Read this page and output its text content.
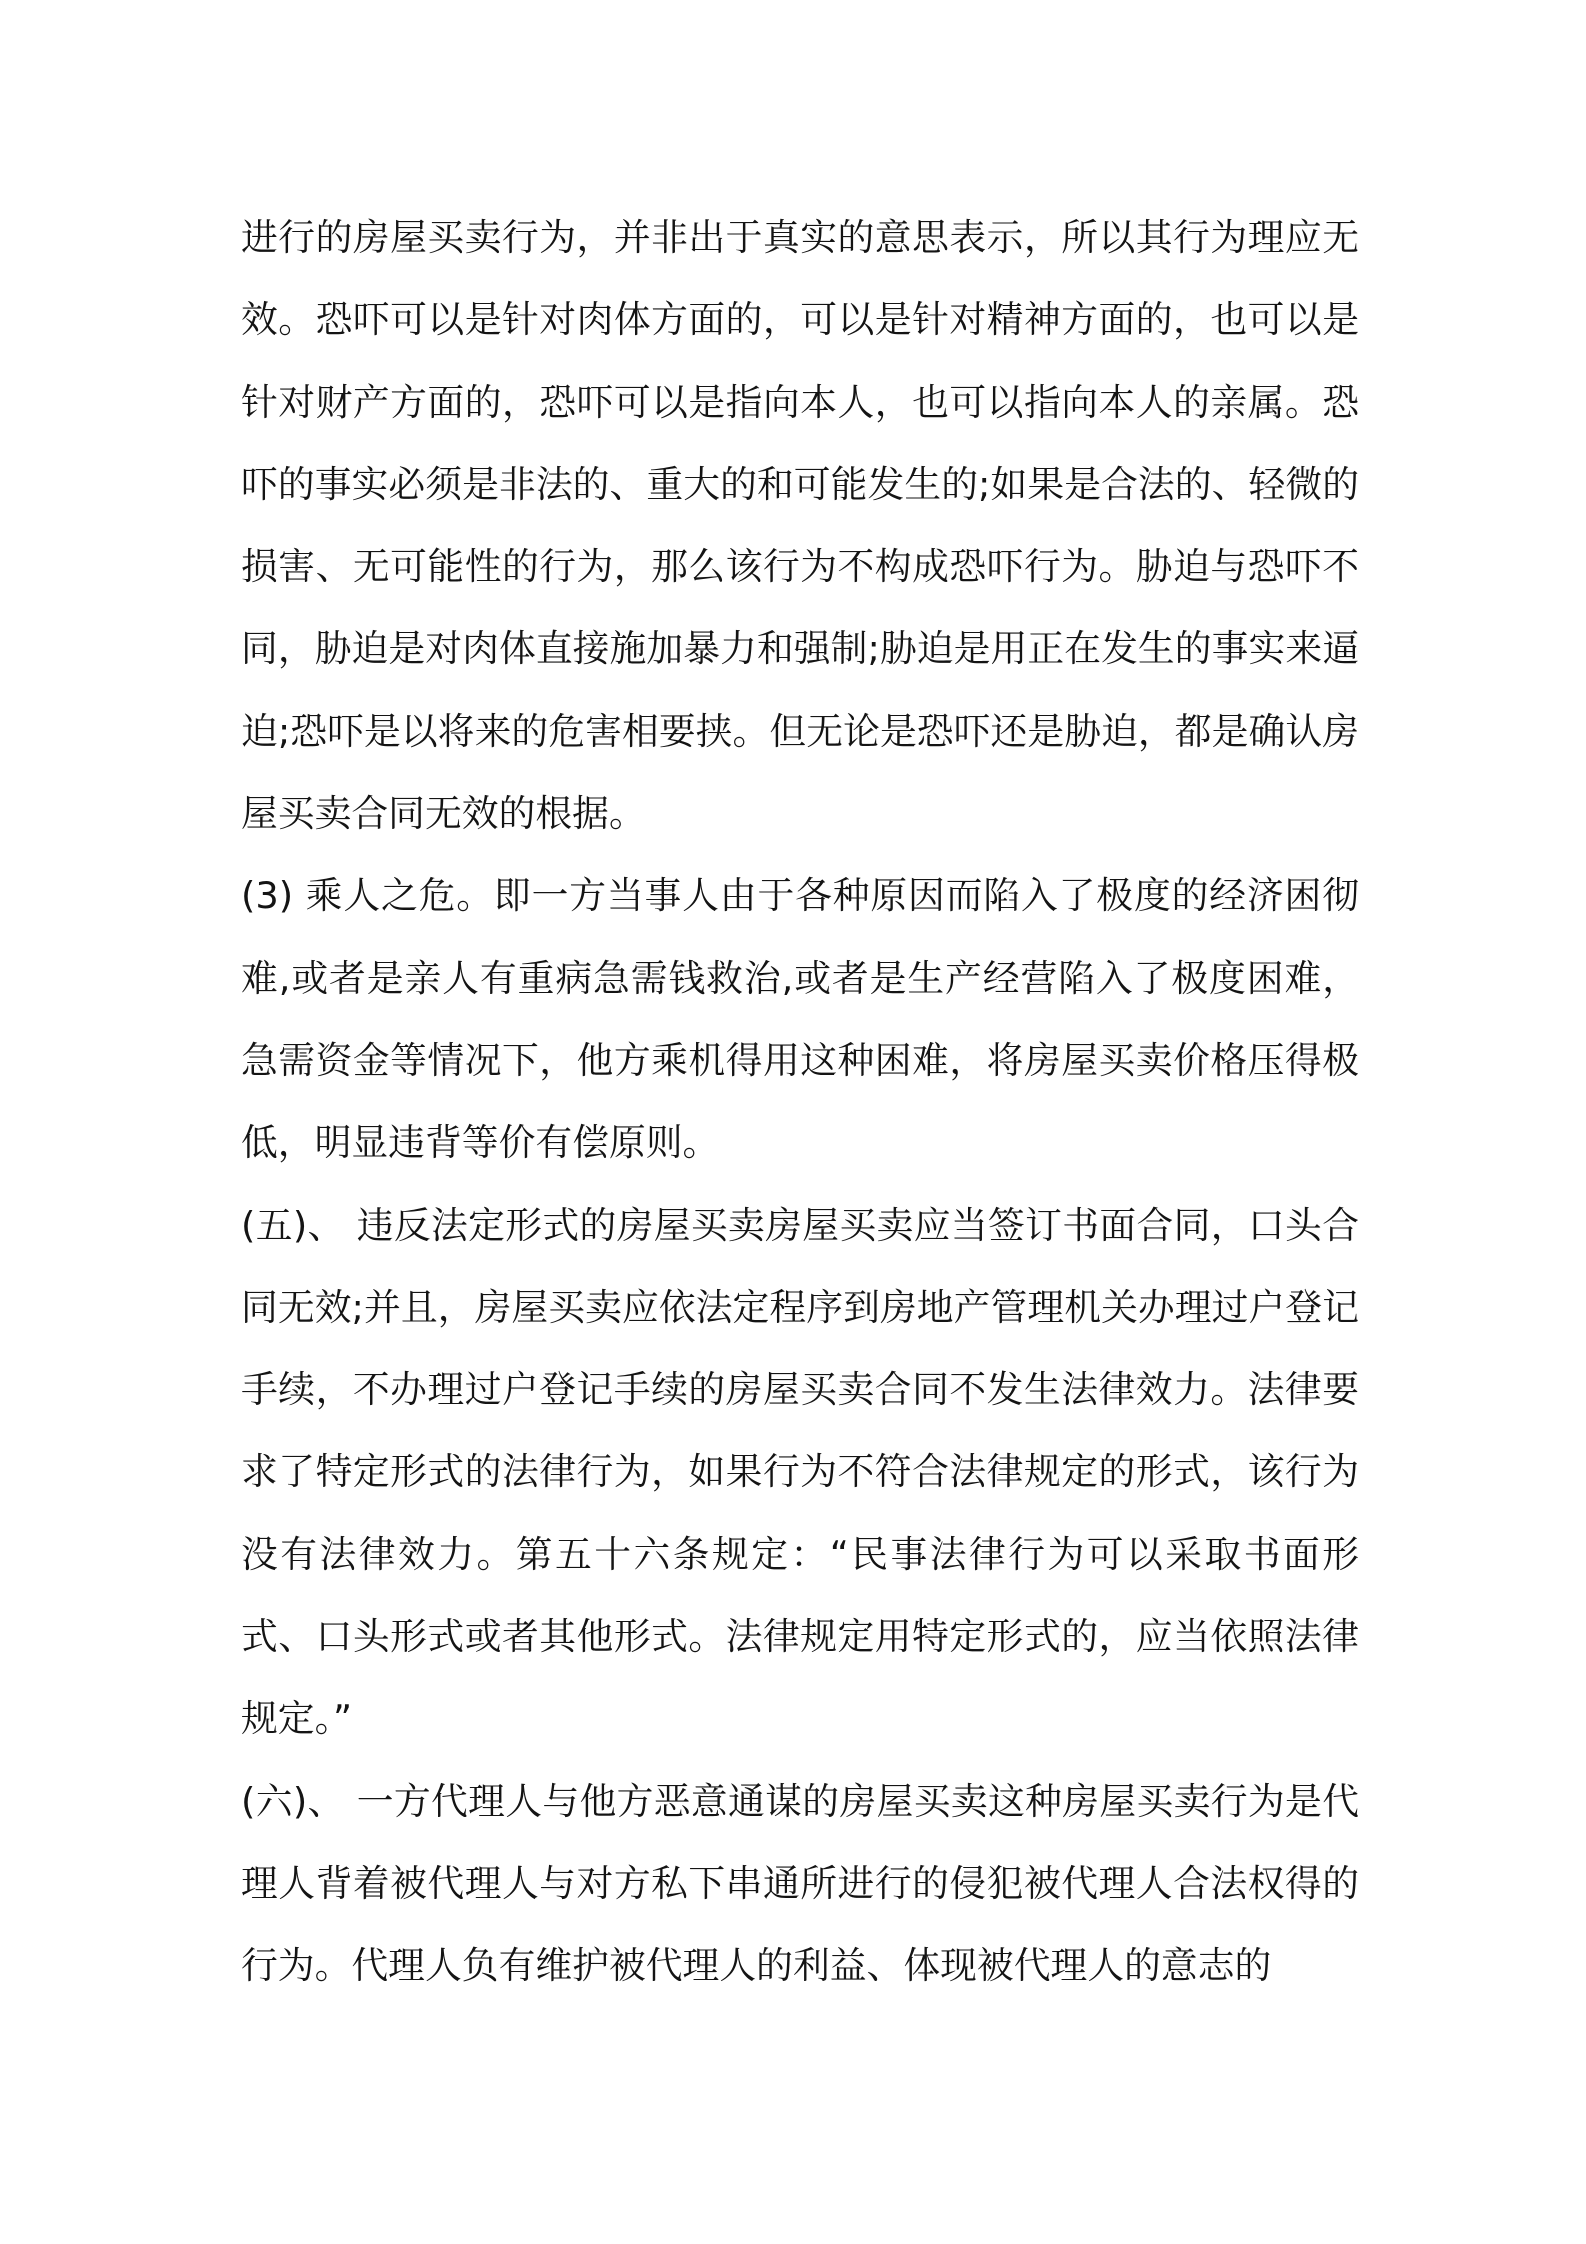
进行的房屋买卖行为，并非出于真实的意思表示，所以其行为理应无效。恐吓可以是针对肉体方面的，可以是针对精神方面的，也可以是针对财产方面的，恐吓可以是指向本人，也可以指向本人的亲属。恐吓的事实必须是非法的、重大的和可能发生的;如果是合法的、轻微的损害、无可能性的行为，那么该行为不构成恐吓行为。胁迫与恐吓不同，胁迫是对肉体直接施加暴力和强制;胁迫是用正在发生的事实来逼迫;恐吓是以将来的危害相要挟。但无论是恐吓还是胁迫，都是确认房屋买卖合同无效的根据。

(3) 乘人之危。即一方当事人由于各种原因而陷入了极度的经济困彻难,或者是亲人有重病急需钱救治,或者是生产经营陷入了极度困难，急需资金等情况下，他方乘机得用这种困难，将房屋买卖价格压得极低，明显违背等价有偿原则。

(五)、 违反法定形式的房屋买卖房屋买卖应当签订书面合同，口头合同无效;并且，房屋买卖应依法定程序到房地产管理机关办理过户登记手续，不办理过户登记手续的房屋买卖合同不发生法律效力。法律要求了特定形式的法律行为，如果行为不符合法律规定的形式，该行为没有法律效力。第五十六条规定：“民事法律行为可以采取书面形式、口头形式或者其他形式。法律规定用特定形式的，应当依照法律规定。”

(六)、 一方代理人与他方恶意通谋的房屋买卖这种房屋买卖行为是代理人背着被代理人与对方私下串通所进行的侵犯被代理人合法权得的行为。代理人负有维护被代理人的利益、体现被代理人的意志的
